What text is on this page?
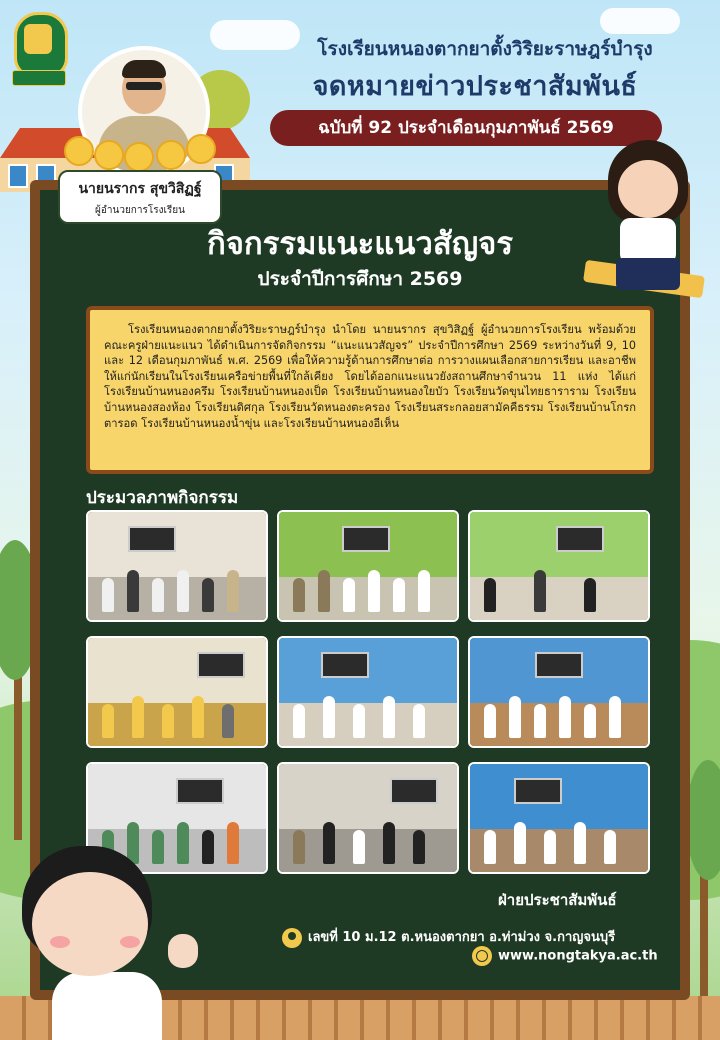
โรงเรียนหนองตากยาตั้งวิริยะราษฎร์บำรุง
จดหมายข่าวประชาสัมพันธ์
ฉบับที่ 92 ประจำเดือนกุมภาพันธ์ 2569
นายนรากร สุขวิสิฏฐ์
ผู้อำนวยการโรงเรียน
กิจกรรมแนะแนวสัญจร
ประจำปีการศึกษา 2569

โรงเรียนหนองตากยาตั้งวิริยะราษฎร์บำรุง นำโดย นายนรากร สุขวิสิฏฐ์ ผู้อำนวยการโรงเรียน พร้อมด้วยคณะครูฝ่ายแนะแนว ได้ดำเนินการจัดกิจกรรม “แนะแนวสัญจร” ประจำปีการศึกษา 2569 ระหว่างวันที่ 9, 10 และ 12 เดือนกุมภาพันธ์ พ.ศ. 2569 เพื่อให้ความรู้ด้านการศึกษาต่อ การวางแผนเลือกสายการเรียน และอาชีพ ให้แก่นักเรียนในโรงเรียนเครือข่ายพื้นที่ใกล้เคียง โดยได้ออกแนะแนวยังสถานศึกษาจำนวน 11 แห่ง ได้แก่ โรงเรียนบ้านหนองครึม โรงเรียนบ้านหนองเป็ด โรงเรียนบ้านหนองใยบัว โรงเรียนวัดขุนไทยธาราราม โรงเรียนบ้านหนองสองห้อง โรงเรียนดิศกุล โรงเรียนวัดหนองตะครอง โรงเรียนสระกลอยสามัคคีธรรม โรงเรียนบ้านโกรกตารอด โรงเรียนบ้านหนองน้ำขุ่น และโรงเรียนบ้านหนองอีเห็น

ประมวลภาพกิจกรรม
ฝ่ายประชาสัมพันธ์
เลขที่ 10 ม.12 ต.หนองตากยา อ.ท่าม่วง จ.กาญจนบุรี
www.nongtakya.ac.th
